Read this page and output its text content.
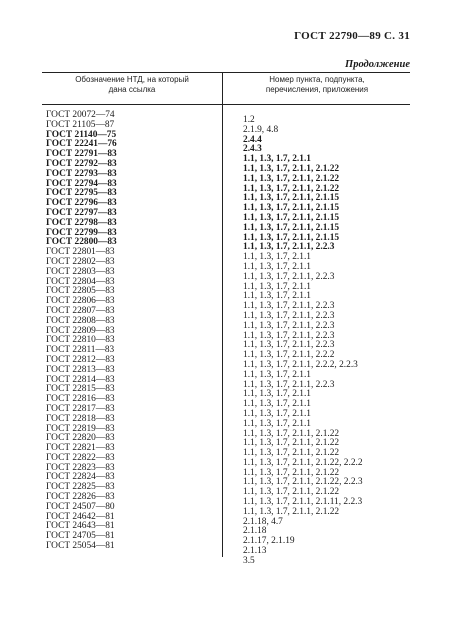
ГОСТ 22790—89 С. 31
Продолжение
Обозначение НТД, на который
дана ссылка
Номер пункта, подпункта,
перечисления, приложения
ГОСТ 20072—74
ГОСТ 21105—87
ГОСТ 21140—75
ГОСТ 22241—76
ГОСТ 22791—83
ГОСТ 22792—83
ГОСТ 22793—83
ГОСТ 22794—83
ГОСТ 22795—83
ГОСТ 22796—83
ГОСТ 22797—83
ГОСТ 22798—83
ГОСТ 22799—83
ГОСТ 22800—83
ГОСТ 22801—83
ГОСТ 22802—83
ГОСТ 22803—83
ГОСТ 22804—83
ГОСТ 22805—83
ГОСТ 22806—83
ГОСТ 22807—83
ГОСТ 22808—83
ГОСТ 22809—83
ГОСТ 22810—83
ГОСТ 22811—83
ГОСТ 22812—83
ГОСТ 22813—83
ГОСТ 22814—83
ГОСТ 22815—83
ГОСТ 22816—83
ГОСТ 22817—83
ГОСТ 22818—83
ГОСТ 22819—83
ГОСТ 22820—83
ГОСТ 22821—83
ГОСТ 22822—83
ГОСТ 22823—83
ГОСТ 22824—83
ГОСТ 22825—83
ГОСТ 22826—83
ГОСТ 24507—80
ГОСТ 24642—81
ГОСТ 24643—81
ГОСТ 24705—81
ГОСТ 25054—81
1.2
2.1.9, 4.8
2.4.4
2.4.3
1.1, 1.3, 1.7, 2.1.1
1.1, 1.3, 1.7, 2.1.1, 2.1.22
1.1, 1.3, 1.7, 2.1.1, 2.1.22
1.1, 1.3, 1.7, 2.1.1, 2.1.22
1.1, 1.3, 1.7, 2.1.1, 2.1.15
1.1, 1.3, 1.7, 2.1.1, 2.1.15
1.1, 1.3, 1.7, 2.1.1, 2.1.15
1.1, 1.3, 1.7, 2.1.1, 2.1.15
1.1, 1.3, 1.7, 2.1.1, 2.1.15
1.1, 1.3, 1.7, 2.1.1, 2.2.3
1.1, 1.3, 1.7, 2.1.1
1.1, 1.3, 1.7, 2.1.1
1.1, 1.3, 1.7, 2.1.1, 2.2.3
1.1, 1.3, 1.7, 2.1.1
1.1, 1.3, 1.7, 2.1.1
1.1, 1.3, 1.7, 2.1.1, 2.2.3
1.1, 1.3, 1.7, 2.1.1, 2.2.3
1.1, 1.3, 1.7, 2.1.1, 2.2.3
1.1, 1.3, 1.7, 2.1.1, 2.2.3
1.1, 1.3, 1.7, 2.1.1, 2.2.3
1.1, 1.3, 1.7, 2.1.1, 2.2.2
1.1, 1.3, 1.7, 2.1.1, 2.2.2, 2.2.3
1.1, 1.3, 1.7, 2.1.1
1.1, 1.3, 1.7, 2.1.1, 2.2.3
1.1, 1.3, 1.7, 2.1.1
1.1, 1.3, 1.7, 2.1.1
1.1, 1.3, 1.7, 2.1.1
1.1, 1.3, 1.7, 2.1.1
1.1, 1.3, 1.7, 2.1.1, 2.1.22
1.1, 1.3, 1.7, 2.1.1, 2.1.22
1.1, 1.3, 1.7, 2.1.1, 2.1.22
1.1, 1.3, 1.7, 2.1.1, 2.1.22, 2.2.2
1.1, 1.3, 1.7, 2.1.1, 2.1.22
1.1, 1.3, 1.7, 2.1.1, 2.1.22, 2.2.3
1.1, 1.3, 1.7, 2.1.1, 2.1.22
1.1, 1.3, 1.7, 2.1.1, 2.1.11, 2.2.3
1.1, 1.3, 1.7, 2.1.1, 2.1.22
2.1.18, 4.7
2.1.18
2.1.17, 2.1.19
2.1.13
3.5
